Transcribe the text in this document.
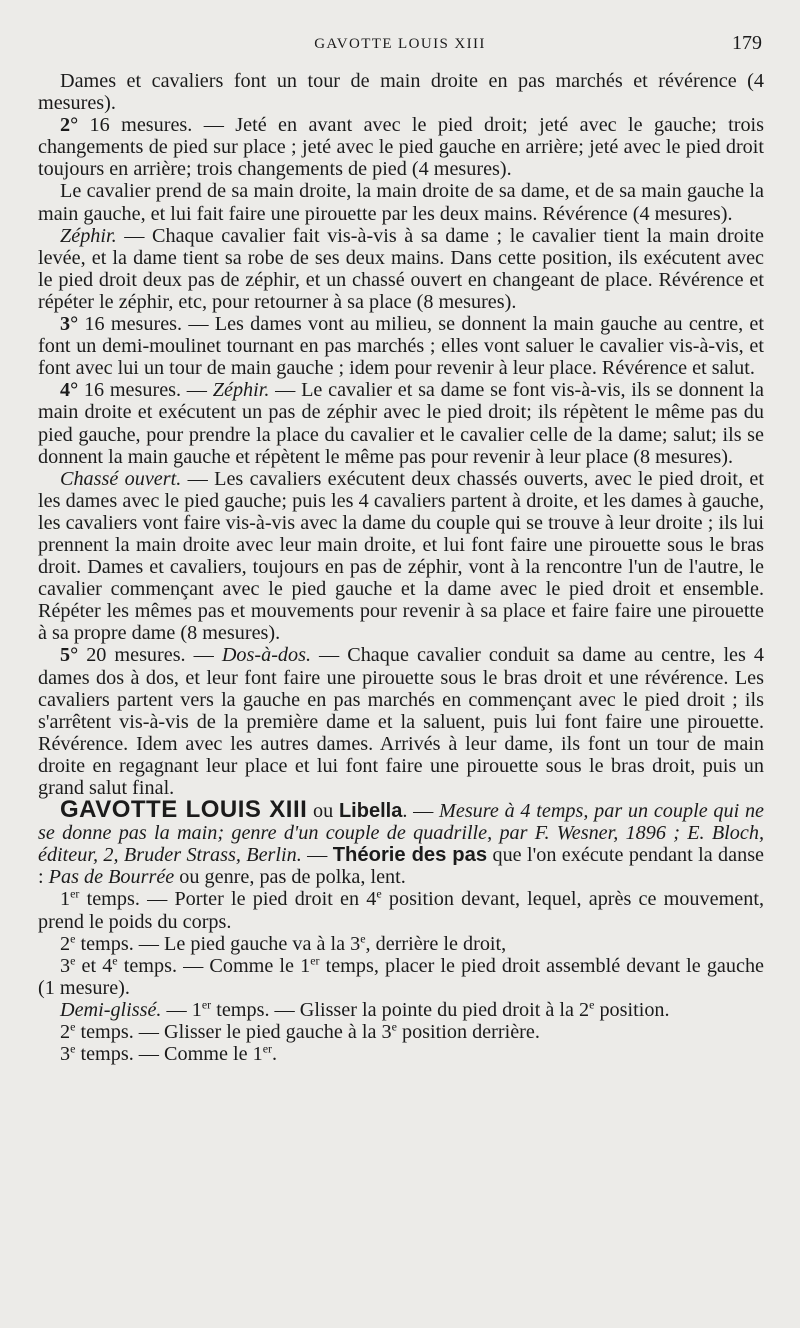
GAVOTTE LOUIS XIII	179

Dames et cavaliers font un tour de main droite en pas marchés et révérence (4 mesures).

2° 16 mesures. — Jeté en avant avec le pied droit; jeté avec le gauche; trois changements de pied sur place ; jeté avec le pied gauche en arrière; jeté avec le pied droit toujours en arrière; trois changements de pied (4 mesures).

Le cavalier prend de sa main droite, la main droite de sa dame, et de sa main gauche la main gauche, et lui fait faire une pirouette par les deux mains. Révérence (4 mesures).

Zéphir. — Chaque cavalier fait vis-à-vis à sa dame ; le cavalier tient la main droite levée, et la dame tient sa robe de ses deux mains. Dans cette position, ils exécutent avec le pied droit deux pas de zéphir, et un chassé ouvert en changeant de place. Révérence et répéter le zéphir, etc, pour retourner à sa place (8 mesures).

3° 16 mesures. — Les dames vont au milieu, se donnent la main gauche au centre, et font un demi-moulinet tournant en pas marchés ; elles vont saluer le cavalier vis-à-vis, et font avec lui un tour de main gauche ; idem pour revenir à leur place. Révérence et salut.

4° 16 mesures. — Zéphir. — Le cavalier et sa dame se font vis-à-vis, ils se donnent la main droite et exécutent un pas de zéphir avec le pied droit; ils répètent le même pas du pied gauche, pour prendre la place du cavalier et le cavalier celle de la dame; salut; ils se donnent la main gauche et répètent le même pas pour revenir à leur place (8 mesures).

Chassé ouvert. — Les cavaliers exécutent deux chassés ouverts, avec le pied droit, et les dames avec le pied gauche; puis les 4 cavaliers partent à droite, et les dames à gauche, les cavaliers vont faire vis-à-vis avec la dame du couple qui se trouve à leur droite ; ils lui prennent la main droite avec leur main droite, et lui font faire une pirouette sous le bras droit. Dames et cavaliers, toujours en pas de zéphir, vont à la rencontre l'un de l'autre, le cavalier commençant avec le pied gauche et la dame avec le pied droit et ensemble. Répéter les mêmes pas et mouvements pour revenir à sa place et faire faire une pirouette à sa propre dame (8 mesures).

5° 20 mesures. — Dos-à-dos. — Chaque cavalier conduit sa dame au centre, les 4 dames dos à dos, et leur font faire une pirouette sous le bras droit et une révérence. Les cavaliers partent vers la gauche en pas marchés en commençant avec le pied droit ; ils s'arrêtent vis-à-vis de la première dame et la saluent, puis lui font faire une pirouette. Révérence. Idem avec les autres dames. Arrivés à leur dame, ils font un tour de main droite en regagnant leur place et lui font faire une pirouette sous le bras droit, puis un grand salut final.

GAVOTTE LOUIS XIII ou Libella. — Mesure à 4 temps, par un couple qui ne se donne pas la main; genre d'un couple de quadrille, par F. Wesner, 1896 ; E. Bloch, éditeur, 2, Bruder Strass, Berlin. — Théorie des pas que l'on exécute pendant la danse : Pas de Bourrée ou genre, pas de polka, lent.

1er temps. — Porter le pied droit en 4e position devant, lequel, après ce mouvement, prend le poids du corps.

2e temps. — Le pied gauche va à la 3e, derrière le droit,

3e et 4e temps. — Comme le 1er temps, placer le pied droit assemblé devant le gauche (1 mesure).

Demi-glissé. — 1er temps. — Glisser la pointe du pied droit à la 2e position.

2e temps. — Glisser le pied gauche à la 3e position derrière.

3e temps. — Comme le 1er.
